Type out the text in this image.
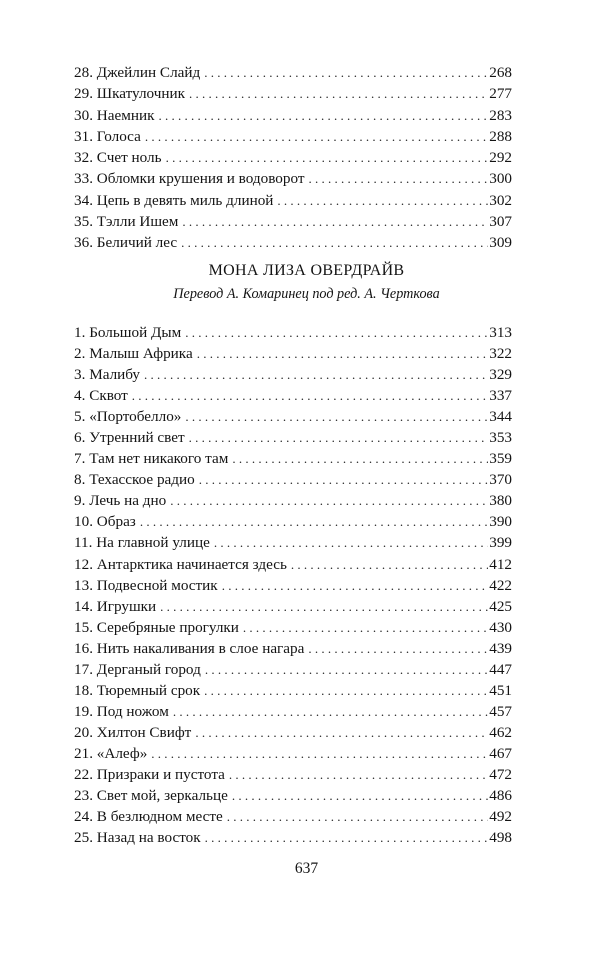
28. Джейлин Слайд . . .	268
29. Шкатулочник . . .	277
30. Наемник . . .	283
31. Голоса . . .	288
32. Счет ноль . . .	292
33. Обломки крушения и водоворот . . .	300
34. Цепь в девять миль длиной . . .	302
35. Тэлли Ишем . . .	307
36. Беличий лес . . .	309
МОНА ЛИЗА ОВЕРДРАЙВ
Перевод А. Комаринец под ред. А. Черткова
1. Большой Дым . . .	313
2. Малыш Африка . . .	322
3. Малибу . . .	329
4. Сквот . . .	337
5. «Портобелло» . . .	344
6. Утренний свет . . .	353
7. Там нет никакого там . . .	359
8. Техасское радио . . .	370
9. Лечь на дно . . .	380
10. Образ . . .	390
11. На главной улице . . .	399
12. Антарктика начинается здесь . . .	412
13. Подвесной мостик . . .	422
14. Игрушки . . .	425
15. Серебряные прогулки . . .	430
16. Нить накаливания в слое нагара . . .	439
17. Дерганый город . . .	447
18. Тюремный срок . . .	451
19. Под ножом . . .	457
20. Хилтон Свифт . . .	462
21. «Алеф» . . .	467
22. Призраки и пустота . . .	472
23. Свет мой, зеркальце . . .	486
24. В безлюдном месте . . .	492
25. Назад на восток . . .	498
637
